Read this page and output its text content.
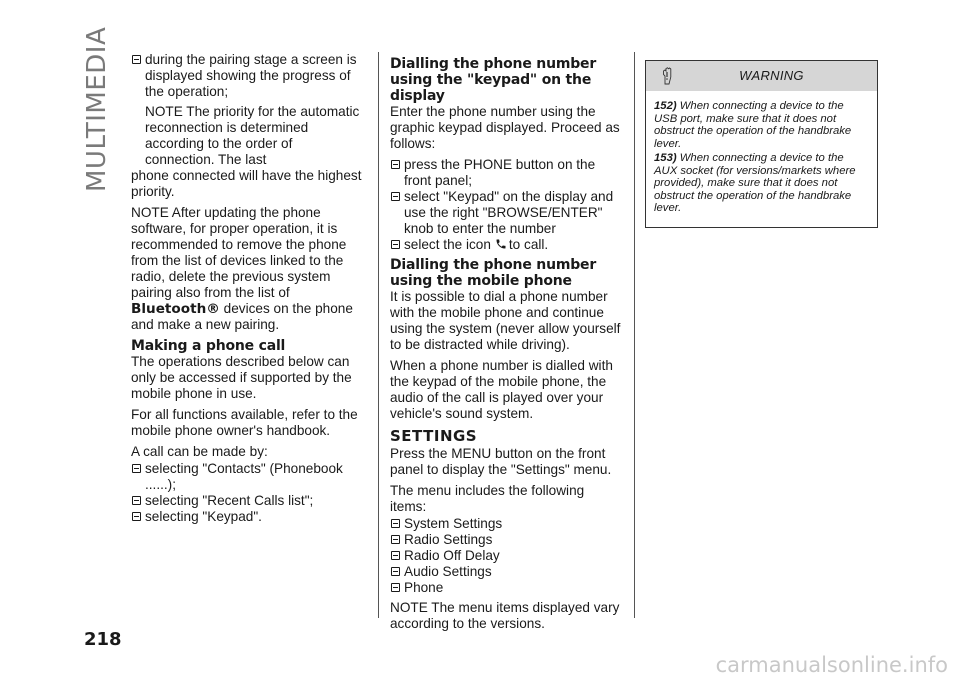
MULTIMEDIA	during the pairing stage a screen is displayed showing the progress of the operation;

NOTE The priority for the automatic reconnection is determined according to the order of connection. The last

phone connected will have the highest priority.

NOTE After updating the phone software, for proper operation, it is recommended to remove the phone from the list of devices linked to the radio, delete the previous system pairing also from the list of Bluetooth® devices on the phone and make a new pairing.

Making a phone call

The operations described below can only be accessed if supported by the mobile phone in use.

For all functions available, refer to the mobile phone owner's handbook.

A call can be made by:

selecting "Contacts" (Phonebook ......);
selecting "Recent Calls list";
selecting "Keypad".
Dialling the phone number using the "keypad" on the display

Enter the phone number using the graphic keypad displayed. Proceed as follows:

press the PHONE button on the front panel;
select "Keypad" on the display and use the right "BROWSE/ENTER" knob to enter the number
select the icon to call.
Dialling the phone number using the mobile phone

It is possible to dial a phone number with the mobile phone and continue using the system (never allow yourself to be distracted while driving).

When a phone number is dialled with the keypad of the mobile phone, the audio of the call is played over your vehicle's sound system.

SETTINGS

Press the MENU button on the front panel to display the "Settings" menu.

The menu includes the following items:

System Settings
Radio Settings
Radio Off Delay
Audio Settings
Phone

NOTE The menu items displayed vary according to the versions.

WARNING

152) When connecting a device to the USB port, make sure that it does not obstruct the operation of the handbrake lever.

153) When connecting a device to the AUX socket (for versions/markets where provided), make sure that it does not obstruct the operation of the handbrake lever.

218
carmanualsonline.info
